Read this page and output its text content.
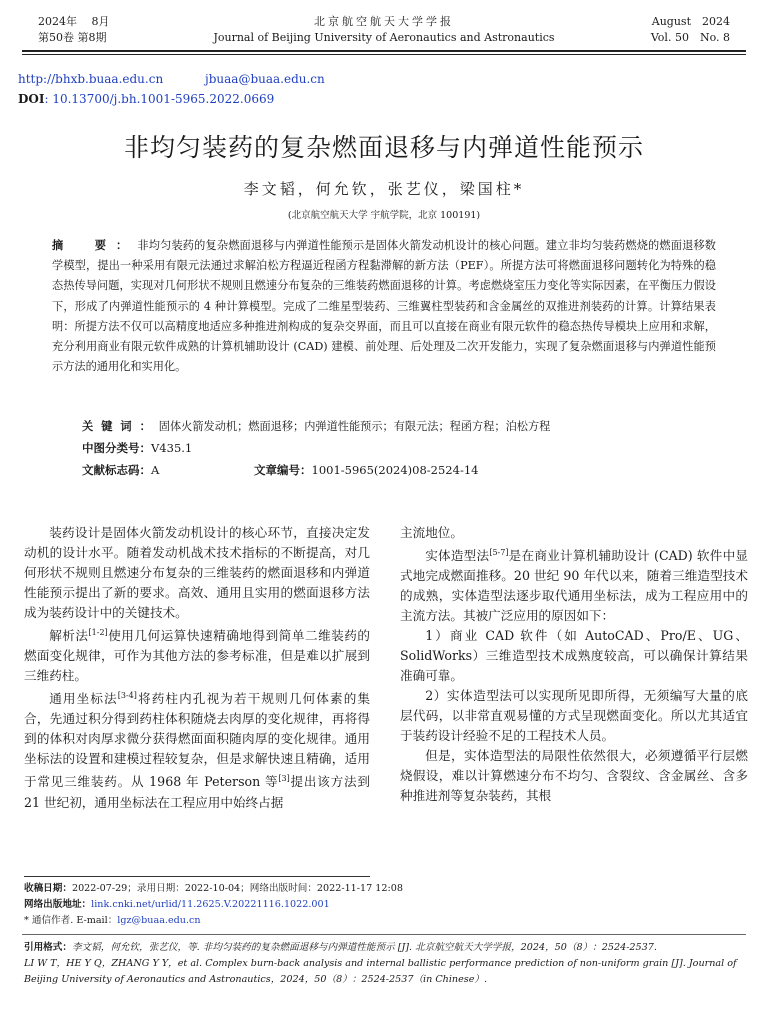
2024年　 8月
第50卷 第8期
北京航空航天大学学报
Journal of Beijing University of Aeronautics and Astronautics
August　2024
Vol. 50　No. 8
http://bhxb.buaa.edu.cn	jbuaa@buaa.edu.cn
DOI: 10.13700/j.bh.1001-5965.2022.0669
非均匀装药的复杂燃面退移与内弹道性能预示
李文韬，何允钦，张艺仪，梁国柱*
(北京航空航天大学 宇航学院，北京 100191)
摘　要：非均匀装药的复杂燃面退移与内弹道性能预示是固体火箭发动机设计的核心问题。建立非均匀装药燃烧的燃面退移数学模型，提出一种采用有限元法通过求解泊松方程逼近程函方程黏滞解的新方法（PEF）。所提方法可将燃面退移问题转化为特殊的稳态热传导问题，实现对几何形状不规则且燃速分布复杂的三维装药燃面退移的计算。考虑燃烧室压力变化等实际因素，在平衡压力假设下，形成了内弹道性能预示的 4 种计算模型。完成了二维星型装药、三维翼柱型装药和含金属丝的双推进剂装药的计算。计算结果表明：所提方法不仅可以高精度地适应多种推进剂构成的复杂交界面，而且可以直接在商业有限元软件的稳态热传导模块上应用和求解，充分利用商业有限元软件成熟的计算机辅助设计 (CAD) 建模、前处理、后处理及二次开发能力，实现了复杂燃面退移与内弹道性能预示方法的通用化和实用化。
关键词：固体火箭发动机；燃面退移；内弹道性能预示；有限元法；程函方程；泊松方程
中图分类号：V435.1
文献标志码：A	文章编号：1001-5965(2024)08-2524-14

装药设计是固体火箭发动机设计的核心环节，直接决定发动机的设计水平。随着发动机战术技术指标的不断提高，对几何形状不规则且燃速分布复杂的三维装药的燃面退移和内弹道性能预示提出了新的要求。高效、通用且实用的燃面退移方法成为装药设计中的关键技术。

解析法[1-2]使用几何运算快速精确地得到简单二维装药的燃面变化规律，可作为其他方法的参考标准，但是难以扩展到三维药柱。

通用坐标法[3-4]将药柱内孔视为若干规则几何体素的集合，先通过积分得到药柱体积随烧去肉厚的变化规律，再将得到的体积对肉厚求微分获得燃面面积随肉厚的变化规律。通用坐标法的设置和建模过程较复杂，但是求解快速且精确，适用于常见三维装药。从 1968 年 Peterson 等[3]提出该方法到 21 世纪初，通用坐标法在工程应用中始终占据

主流地位。

实体造型法[5-7]是在商业计算机辅助设计 (CAD) 软件中显式地完成燃面推移。20 世纪 90 年代以来，随着三维造型技术的成熟，实体造型法逐步取代通用坐标法，成为工程应用中的主流方法。其被广泛应用的原因如下：

1）商业 CAD 软件（如 AutoCAD、Pro/E、UG、SolidWorks）三维造型技术成熟度较高，可以确保计算结果准确可靠。

2）实体造型法可以实现所见即所得，无须编写大量的底层代码，以非常直观易懂的方式呈现燃面变化。所以尤其适宜于装药设计经验不足的工程技术人员。

但是，实体造型法的局限性依然很大，必须遵循平行层燃烧假设，难以计算燃速分布不均匀、含裂纹、含金属丝、含多种推进剂等复杂装药，其根

收稿日期：2022-07-29；录用日期：2022-10-04；网络出版时间：2022-11-17 12:08
网络出版地址：link.cnki.net/urlid/11.2625.V.20221116.1022.001
* 通信作者. E-mail：lgz@buaa.edu.cn
引用格式：李文韬，何允钦，张艺仪，等. 非均匀装药的复杂燃面退移与内弹道性能预示 [J]. 北京航空航天大学学报，2024，50（8）：2524-2537.
LI W T，HE Y Q，ZHANG Y Y，et al. Complex burn-back analysis and internal ballistic performance prediction of non-uniform grain [J]. Journal of Beijing University of Aeronautics and Astronautics，2024，50（8）：2524-2537（in Chinese）.
